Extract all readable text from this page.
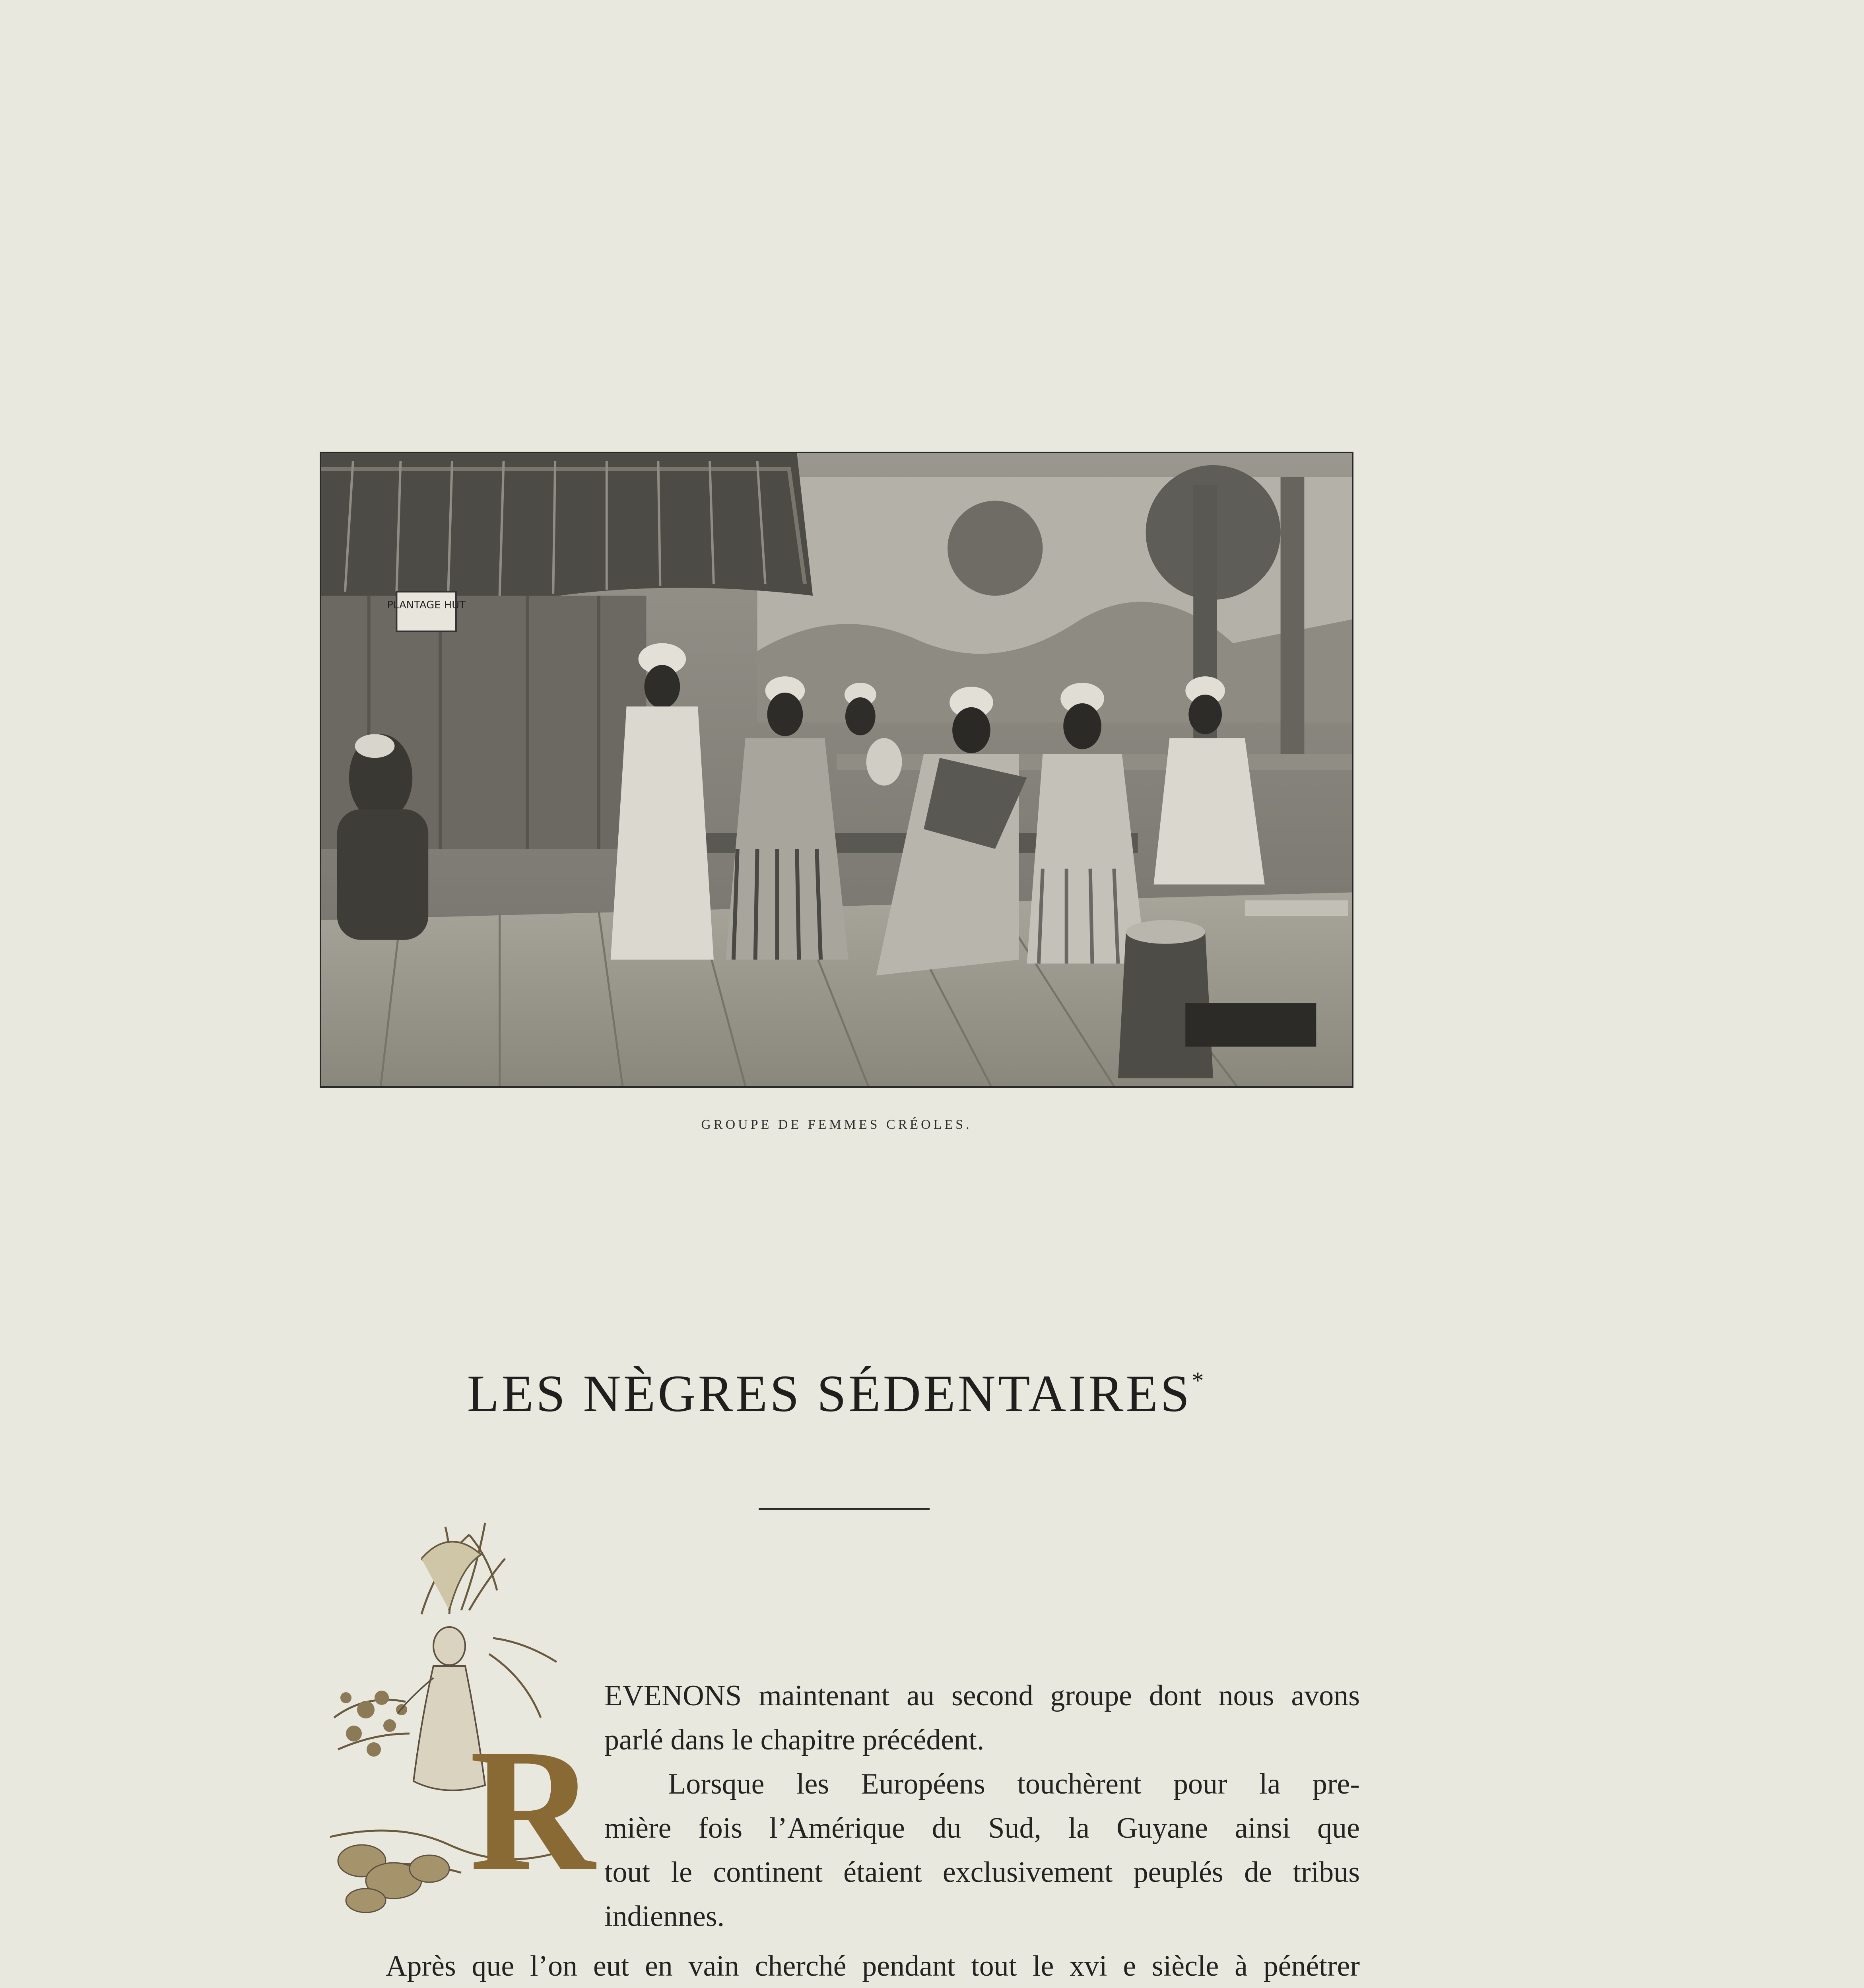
PLANTAGE HUT
GROUPE DE FEMMES CRÉOLES.
LES NÈGRES SÉDENTAIRES*
R
EVENONS maintenant au second groupe dont nous avons
parlé dans le chapitre précédent.
Lorsque les Européens touchèrent pour la pre-
mière fois l’Amérique du Sud, la Guyane ainsi que
tout le continent étaient exclusivement peuplés de tribus
indiennes.
Après que l’on eut en vain cherché pendant tout le xvi e siècle à pénétrer
